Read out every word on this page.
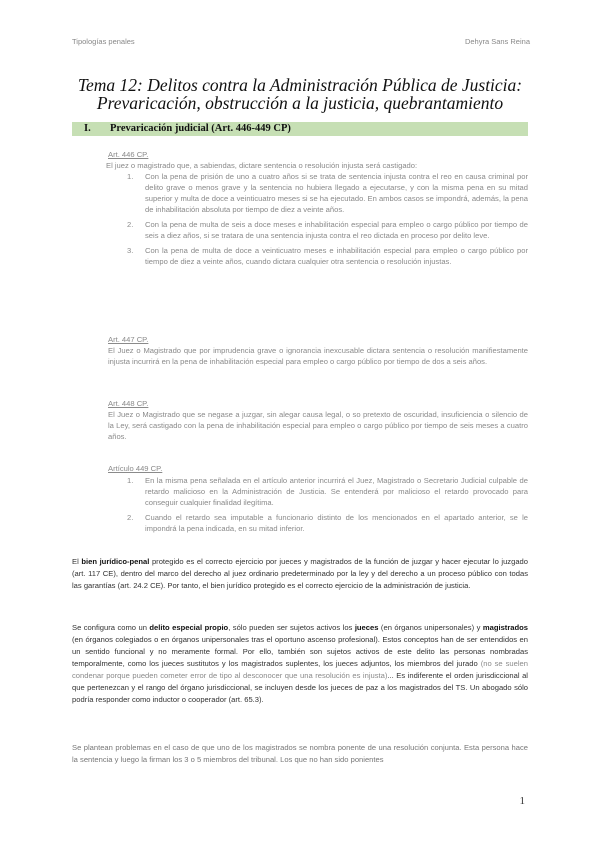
Tipologías penales	Dehyra Sans Reina
Tema 12: Delitos contra la Administración Pública de Justicia:
Prevaricación, obstrucción a la justicia, quebrantamiento
I. Prevaricación judicial (Art. 446-449 CP)
Art. 446 CP.

El juez o magistrado que, a sabiendas, dictare sentencia o resolución injusta será castigado:

1. Con la pena de prisión de uno a cuatro años si se trata de sentencia injusta contra el reo en causa criminal por delito grave o menos grave y la sentencia no hubiera llegado a ejecutarse, y con la misma pena en su mitad superior y multa de doce a veinticuatro meses si se ha ejecutado. En ambos casos se impondrá, además, la pena de inhabilitación absoluta por tiempo de diez a veinte años.
2. Con la pena de multa de seis a doce meses e inhabilitación especial para empleo o cargo público por tiempo de seis a diez años, si se tratara de una sentencia injusta contra el reo dictada en proceso por delito leve.
3. Con la pena de multa de doce a veinticuatro meses e inhabilitación especial para empleo o cargo público por tiempo de diez a veinte años, cuando dictara cualquier otra sentencia o resolución injustas.
Art. 447 CP.

El Juez o Magistrado que por imprudencia grave o ignorancia inexcusable dictara sentencia o resolución manifiestamente injusta incurrirá en la pena de inhabilitación especial para empleo o cargo público por tiempo de dos a seis años.

Art. 448 CP.

El Juez o Magistrado que se negase a juzgar, sin alegar causa legal, o so pretexto de oscuridad, insuficiencia o silencio de la Ley, será castigado con la pena de inhabilitación especial para empleo o cargo público por tiempo de seis meses a cuatro años.

Artículo 449 CP.
1. En la misma pena señalada en el artículo anterior incurrirá el Juez, Magistrado o Secretario Judicial culpable de retardo malicioso en la Administración de Justicia. Se entenderá por malicioso el retardo provocado para conseguir cualquier finalidad ilegítima.
2. Cuando el retardo sea imputable a funcionario distinto de los mencionados en el apartado anterior, se le impondrá la pena indicada, en su mitad inferior.

El bien jurídico-penal protegido es el correcto ejercicio por jueces y magistrados de la función de juzgar y hacer ejecutar lo juzgado (art. 117 CE), dentro del marco del derecho al juez ordinario predeterminado por la ley y del derecho a un proceso público con todas las garantías (art. 24.2 CE). Por tanto, el bien jurídico protegido es el correcto ejercicio de la administración de justicia.

Se configura como un delito especial propio, sólo pueden ser sujetos activos los jueces (en órganos unipersonales) y magistrados (en órganos colegiados o en órganos unipersonales tras el oportuno ascenso profesional). Estos conceptos han de ser entendidos en un sentido funcional y no meramente formal. Por ello, también son sujetos activos de este delito las personas nombradas temporalmente, como los jueces sustitutos y los magistrados suplentes, los jueces adjuntos, los miembros del jurado (no se suelen condenar porque pueden cometer error de tipo al desconocer que una resolución es injusta)... Es indiferente el orden jurisdiccional al que pertenezcan y el rango del órgano jurisdiccional, se incluyen desde los jueces de paz a los magistrados del TS. Un abogado sólo podría responder como inductor o cooperador (art. 65.3).

Se plantean problemas en el caso de que uno de los magistrados se nombra ponente de una resolución conjunta. Esta persona hace la sentencia y luego la firman los 3 o 5 miembros del tribunal. Los que no han sido ponientes

1
